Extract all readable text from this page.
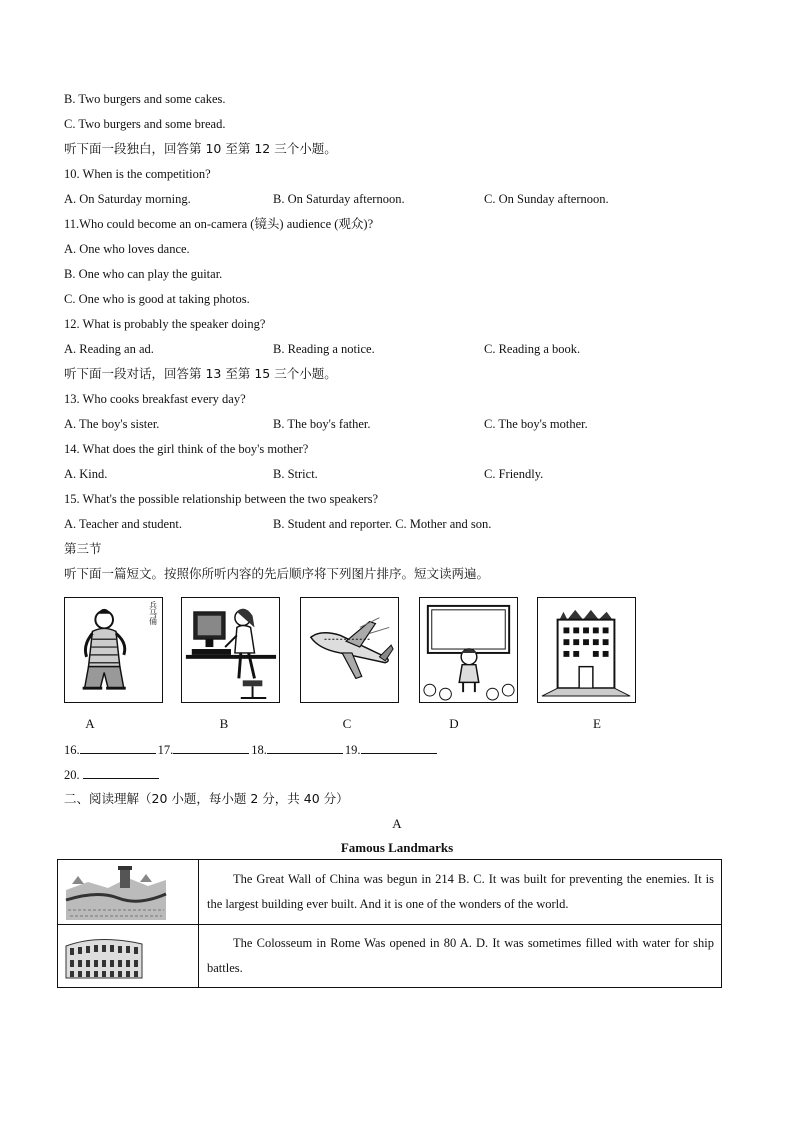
B. Two burgers and some cakes.
C. Two burgers and some bread.
听下面一段独白，回答第 10 至第 12 三个小题。
10. When is the competition?
A. On Saturday morning.	B. On Saturday afternoon.	C. On Sunday afternoon.
11.Who could become an on-camera (镜头) audience (观众)?
A. One who loves dance.
B. One who can play the guitar.
C. One who is good at taking photos.
12. What is probably the speaker doing?
A. Reading an ad.	B. Reading a notice.	C. Reading a book.
听下面一段对话，回答第 13 至第 15 三个小题。
13. Who cooks breakfast every day?
A. The boy's sister.	B. The boy's father.	C. The boy's mother.
14. What does the girl think of the boy's mother?
A. Kind.	B. Strict.	C. Friendly.
15. What's the possible relationship between the two speakers?
A. Teacher and student.	B. Student and reporter. C. Mother and son.
第三节
听下面一篇短文。按照你所听内容的先后顺序将下列图片排序。短文读两遍。
兵马俑
A	B	C	D	E
16.	17.	18.	19.
20.
二、阅读理解（20 小题，每小题 2 分，共 40 分）
A
Famous Landmarks
	The Great Wall of China was begun in 214 B. C. It was built for preventing the enemies. It is the largest building ever built. And it is one of the wonders of the world.

	The Colosseum in Rome Was opened in 80 A. D. It was sometimes filled with water for ship battles.
